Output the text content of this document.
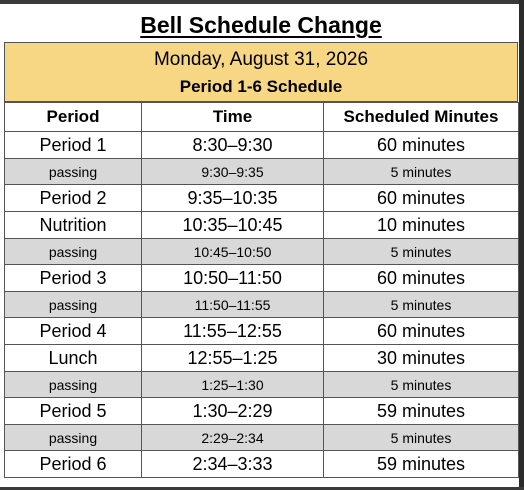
Bell Schedule Change
Monday, August 31, 2026
Period 1-6 Schedule
Period	Time	Scheduled Minutes
Period 1	8:30–9:30	60 minutes
passing	9:30–9:35	5 minutes
Period 2	9:35–10:35	60 minutes
Nutrition	10:35–10:45	10 minutes
passing	10:45–10:50	5 minutes
Period 3	10:50–11:50	60 minutes
passing	11:50–11:55	5 minutes
Period 4	11:55–12:55	60 minutes
Lunch	12:55–1:25	30 minutes
passing	1:25–1:30	5 minutes
Period 5	1:30–2:29	59 minutes
passing	2:29–2:34	5 minutes
Period 6	2:34–3:33	59 minutes
